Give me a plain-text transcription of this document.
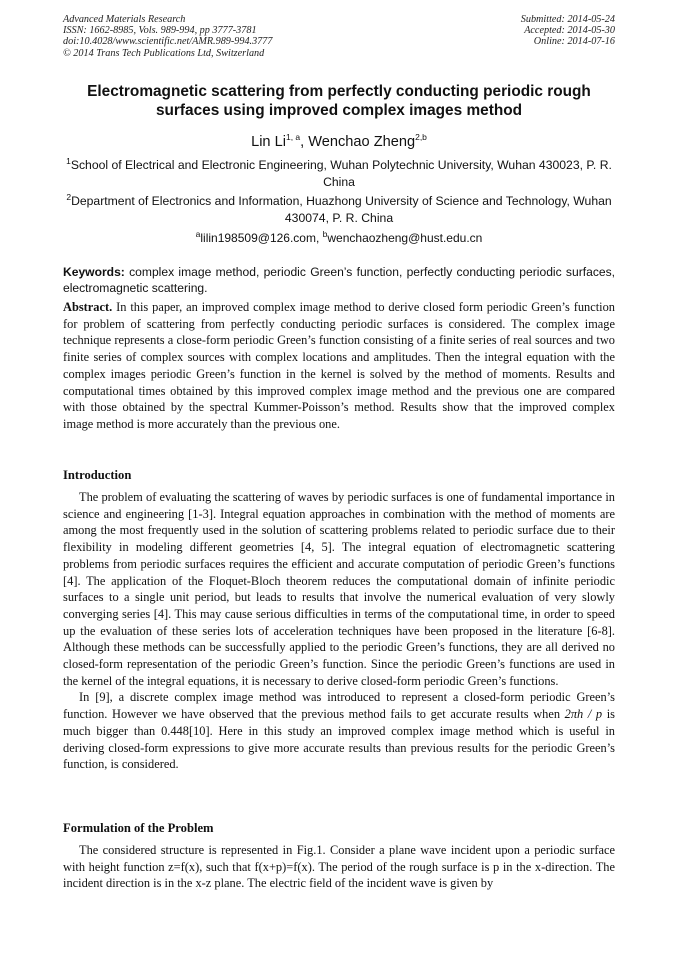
Advanced Materials Research
ISSN: 1662-8985, Vols. 989-994, pp 3777-3781
doi:10.4028/www.scientific.net/AMR.989-994.3777
© 2014 Trans Tech Publications Ltd, Switzerland
Submitted: 2014-05-24
Accepted: 2014-05-30
Online: 2014-07-16
Electromagnetic scattering from perfectly conducting periodic rough
surfaces using improved complex images method
Lin Li$^{1, a}$, Wenchao Zheng$^{2,b}$
$^1$School of Electrical and Electronic Engineering, Wuhan Polytechnic University, Wuhan 430023, P. R. China
$^2$Department of Electronics and Information, Huazhong University of Science and Technology, Wuhan 430074, P. R. China
$^a$lilin198509@126.com, $^b$wenchaozheng@hust.edu.cn
Keywords: complex image method, periodic Green’s function, perfectly conducting periodic surfaces, electromagnetic scattering.
Abstract. In this paper, an improved complex image method to derive closed form periodic Green’s function for problem of scattering from perfectly conducting periodic surfaces is considered. The complex image technique represents a close-form periodic Green’s function consisting of a finite series of real sources and two finite series of complex sources with complex locations and amplitudes. Then the integral equation with the complex images periodic Green’s function in the kernel is solved by the method of moments. Results and computational times obtained by this improved complex image method and the previous one are compared with those obtained by the spectral Kummer-Poisson’s method. Results show that the improved complex image method is more accurately than the previous one.
Introduction

The problem of evaluating the scattering of waves by periodic surfaces is one of fundamental importance in science and engineering [1-3]. Integral equation approaches in combination with the method of moments are among the most frequently used in the solution of scattering problems related to periodic surface due to their flexibility in modeling different geometries [4, 5]. The integral equation of electromagnetic scattering problems from periodic surfaces requires the efficient and accurate computation of periodic Green’s functions [4]. The application of the Floquet-Bloch theorem reduces the computational domain of infinite periodic surfaces to a single unit period, but leads to results that involve the numerical evaluation of very slowly converging series [4]. This may cause serious difficulties in terms of the computational time, in order to speed up the evaluation of these series lots of acceleration techniques have been proposed in the literature [6-8]. Although these methods can be successfully applied to the periodic Green’s functions, they are all derived no closed-form representation of the periodic Green’s function. Since the periodic Green’s functions are used in the kernel of the integral equations, it is necessary to derive closed-form periodic Green’s functions.

In [9], a discrete complex image method was introduced to represent a closed-form periodic Green’s function. However we have observed that the previous method fails to get accurate results when 2πh / p is much bigger than 0.448[10]. Here in this study an improved complex image method which is useful in deriving closed-form expressions to give more accurate results than previous results for the periodic Green’s function, is considered.

Formulation of the Problem

The considered structure is represented in Fig.1. Consider a plane wave incident upon a periodic surface with height function z=f(x), such that f(x+p)=f(x). The period of the rough surface is p in the x-direction. The incident direction is in the x-z plane. The electric field of the incident wave is given by
